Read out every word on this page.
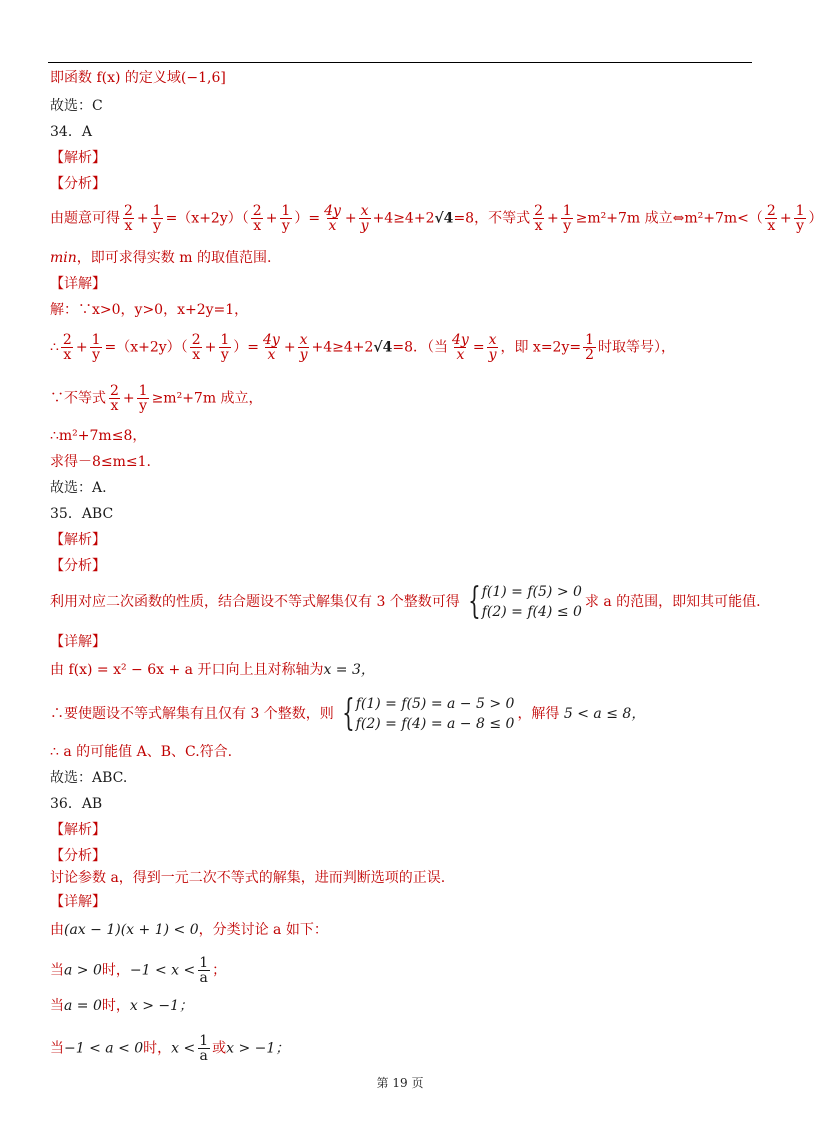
即函数 f(x) 的定义域(−1,6]
故选：C
34．A
【解析】
【分析】
由题意可得 $\frac{2}{x} + \frac{1}{y} =(x+2y)( \frac{2}{x} + \frac{1}{y}$ ）= $\frac{4y}{x} + \frac{x}{y} +4\ge 4+2√4=8$，不等式 $\frac{2}{x} + \frac{1}{y} \ge m^2+7m$ 成立⇔m²+7m<（ $\frac{2}{x} + \frac{1}{y}$ ）
min，即可求得实数 m 的取值范围.
【详解】
解：∵x>0，y>0，x+2y=1，
∴ $\frac{2}{x} + \frac{1}{y} =(x+2y)( \frac{2}{x} + \frac{1}{y}$ ）= $\frac{4y}{x} + \frac{x}{y} +4\ge 4+2√4=8$．（当 $\frac{4y}{x} = \frac{x}{y}$ ，即 $x=2y= \frac{1}{2}$ 时取等号），
∵不等式 $\frac{2}{x} + \frac{1}{y} \ge m^2+7m$ 成立，
∴m²+7m≤8，
求得－8≤m≤1.
故选：A.
35．ABC
【解析】
【分析】
利用对应二次函数的性质，结合题设不等式解集仅有 3 个整数可得 { f(1) = f(5) > 0
f(2) = f(4) ≤ 0
求 a 的范围，即知其可能值.
【详解】
由 f(x) = x² − 6x + a 开口向上且对称轴为x = 3，
∴要使题设不等式解集有且仅有 3 个整数，则 { f(1) = f(5) = a − 5 > 0
f(2) = f(4) = a − 8 ≤ 0
，解得 5 < a ≤ 8，
∴ a 的可能值 A、B、C.符合.
故选：ABC.
36．AB
【解析】
【分析】
讨论参数 a，得到一元二次不等式的解集，进而判断选项的正误.
【详解】
由(ax − 1)(x + 1) < 0，分类讨论 a 如下：
当a > 0时，$-1 < x < \frac{1}{a}$ ；
当a = 0时，x > −1；
当−1 < a < 0时，$x < \frac{1}{a}$ 或x > −1；
第 19 页
